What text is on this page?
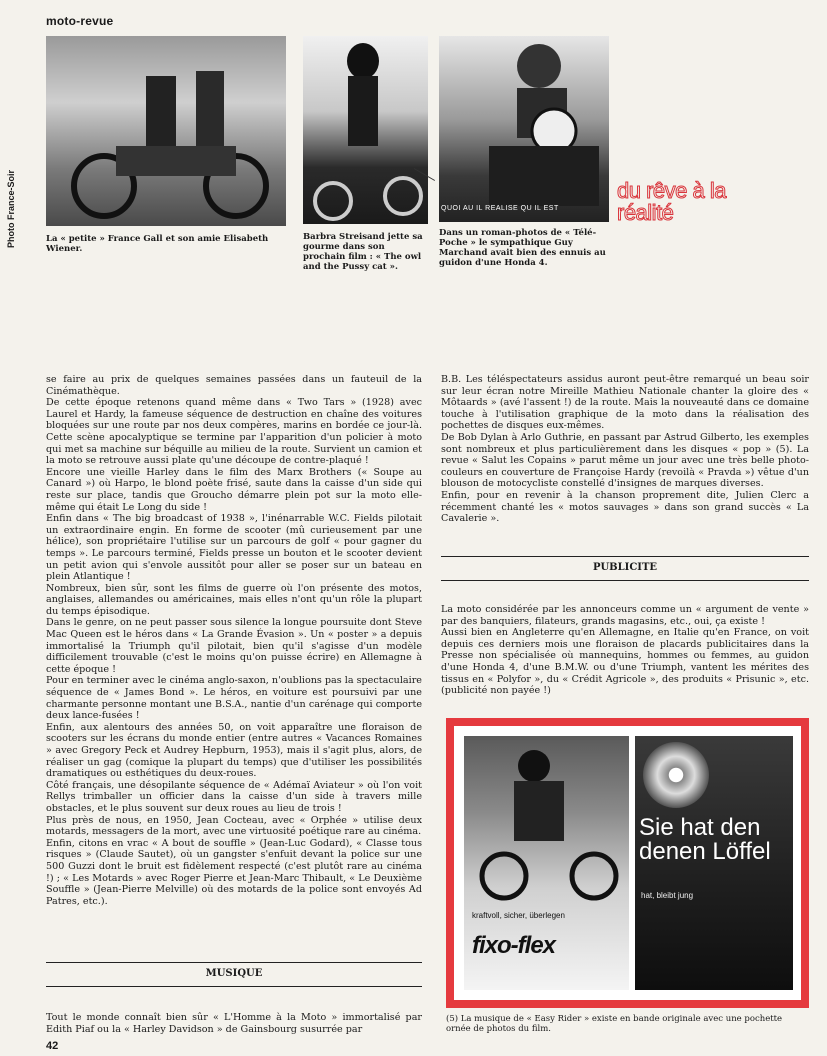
moto-revue
Photo France-Soir	QUOI AU IL REALISE QU IL EST
La « petite » France Gall et son amie Elisabeth Wiener.
Barbra Streisand jette sa gourme dans son prochain film : « The owl and the Pussy cat ».
Dans un roman-photos de « Télé-Poche » le sympathique Guy Marchand avait bien des ennuis au guidon d'une Honda 4.
du rêve à la réalité

se faire au prix de quelques semaines passées dans un fauteuil de la Cinémathèque.

De cette époque retenons quand même dans « Two Tars » (1928) avec Laurel et Hardy, la fameuse séquence de destruction en chaîne des voitures bloquées sur une route par nos deux compères, marins en bordée ce jour-là. Cette scène apocalyptique se termine par l'apparition d'un policier à moto qui met sa machine sur béquille au milieu de la route. Survient un camion et la moto se retrouve aussi plate qu'une découpe de contre-plaqué !

Encore une vieille Harley dans le film des Marx Brothers (« Soupe au Canard ») où Harpo, le blond poète frisé, saute dans la caisse d'un side qui reste sur place, tandis que Groucho démarre plein pot sur la moto elle-même qui était Le Long du side !

Enfin dans « The big broadcast of 1938 », l'inénarrable W.C. Fields pilotait un extraordinaire engin. En forme de scooter (mû curieusement par une hélice), son propriétaire l'utilise sur un parcours de golf « pour gagner du temps ». Le parcours terminé, Fields presse un bouton et le scooter devient un petit avion qui s'envole aussitôt pour aller se poser sur un bateau en plein Atlantique !

Nombreux, bien sûr, sont les films de guerre où l'on présente des motos, anglaises, allemandes ou américaines, mais elles n'ont qu'un rôle la plupart du temps épisodique.

Dans le genre, on ne peut passer sous silence la longue poursuite dont Steve Mac Queen est le héros dans « La Grande Évasion ». Un « poster » a depuis immortalisé la Triumph qu'il pilotait, bien qu'il s'agisse d'un modèle difficilement trouvable (c'est le moins qu'on puisse écrire) en Allemagne à cette époque !

Pour en terminer avec le cinéma anglo-saxon, n'oublions pas la spectaculaire séquence de « James Bond ». Le héros, en voiture est poursuivi par une charmante personne montant une B.S.A., nantie d'un carénage qui comporte deux lance-fusées !

Enfin, aux alentours des années 50, on voit apparaître une floraison de scooters sur les écrans du monde entier (entre autres « Vacances Romaines » avec Gregory Peck et Audrey Hepburn, 1953), mais il s'agit plus, alors, de réaliser un gag (comique la plupart du temps) que d'utiliser les possibilités dramatiques ou esthétiques du deux-roues.

Côté français, une désopilante séquence de « Adémaï Aviateur » où l'on voit Rellys trimballer un officier dans la caisse d'un side à travers mille obstacles, et le plus souvent sur deux roues au lieu de trois !

Plus près de nous, en 1950, Jean Cocteau, avec « Orphée » utilise deux motards, messagers de la mort, avec une virtuosité poétique rare au cinéma.

Enfin, citons en vrac « A bout de souffle » (Jean-Luc Godard), « Classe tous risques » (Claude Sautet), où un gangster s'enfuit devant la police sur une 500 Guzzi dont le bruit est fidèlement respecté (c'est plutôt rare au cinéma !) ; « Les Motards » avec Roger Pierre et Jean-Marc Thibault, « Le Deuxième Souffle » (Jean-Pierre Melville) où des motards de la police sont envoyés Ad Patres, etc.).

MUSIQUE

Tout le monde connaît bien sûr « L'Homme à la Moto » immortalisé par Edith Piaf ou la « Harley Davidson » de Gainsbourg susurrée par

B.B. Les téléspectateurs assidus auront peut-être remarqué un beau soir sur leur écran notre Mireille Mathieu Nationale chanter la gloire des « Môtaards » (avé l'assent !) de la route. Mais la nouveauté dans ce domaine touche à l'utilisation graphique de la moto dans la réalisation des pochettes de disques eux-mêmes.

De Bob Dylan à Arlo Guthrie, en passant par Astrud Gilberto, les exemples sont nombreux et plus particulièrement dans les disques « pop » (5). La revue « Salut les Copains » parut même un jour avec une très belle photo-couleurs en couverture de Françoise Hardy (revoilà « Pravda ») vêtue d'un blouson de motocycliste constellé d'insignes de marques diverses.

Enfin, pour en revenir à la chanson proprement dite, Julien Clerc a récemment chanté les « motos sauvages » dans son grand succès « La Cavalerie ».

PUBLICITE

La moto considérée par les annonceurs comme un « argument de vente » par des banquiers, filateurs, grands magasins, etc., oui, ça existe !

Aussi bien en Angleterre qu'en Allemagne, en Italie qu'en France, on voit depuis ces derniers mois une floraison de placards publicitaires dans la Presse non spécialisée où mannequins, hommes ou femmes, au guidon d'une Honda 4, d'une B.M.W. ou d'une Triumph, vantent les mérites des tissus en « Polyfor », du « Crédit Agricole », des produits « Prisunic », etc. (publicité non payée !)

kraftvoll, sicher, überlegen
fixo-flex
Sie hat den denen Löffel
hat, bleibt jung
(5) La musique de « Easy Rider » existe en bande originale avec une pochette ornée de photos du film.
42
